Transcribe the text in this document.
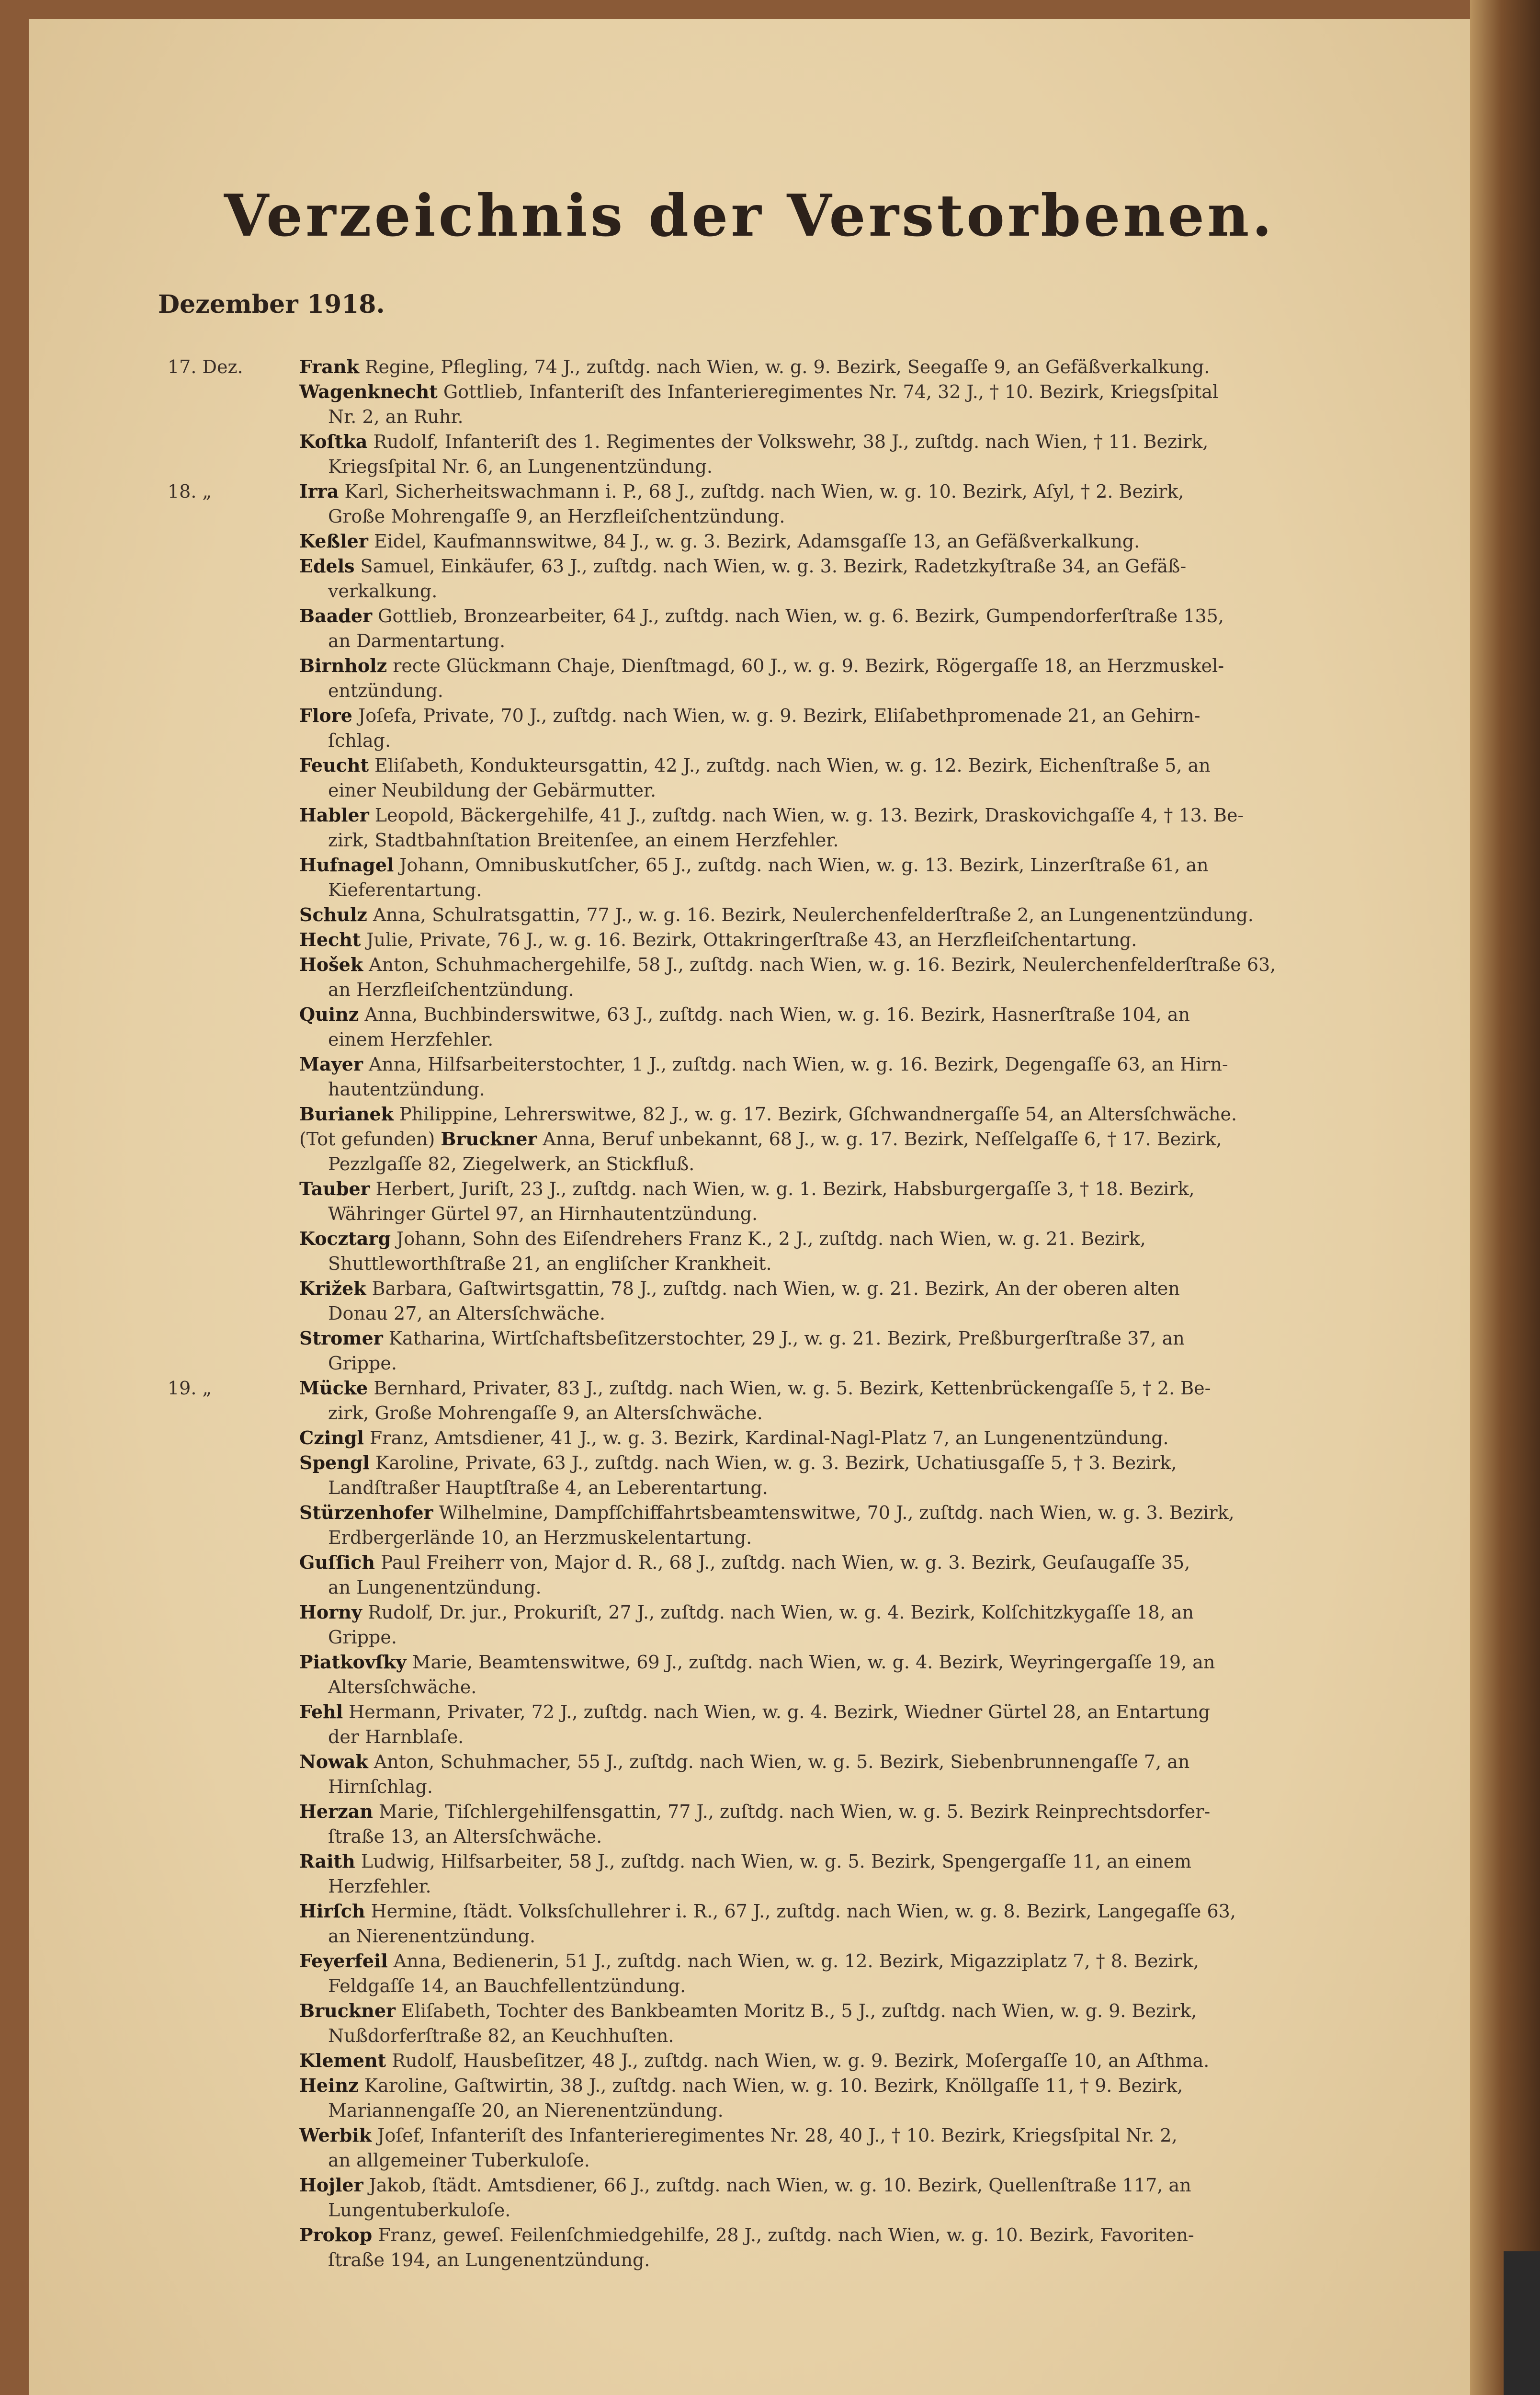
Verzeichnis der Verstorbenen.
Dezember 1918.
17. Dez.	Frank Regine, Pflegling, 74 J., zuſtdg. nach Wien, w. g. 9. Bezirk, Seegaſſe 9, an Gefäßverkalkung.
Wagenknecht Gottlieb, Infanteriſt des Infanterieregimentes Nr. 74, 32 J., † 10. Bezirk, Kriegsſpital
Nr. 2, an Ruhr.
Koſtka Rudolf, Infanteriſt des 1. Regimentes der Volkswehr, 38 J., zuſtdg. nach Wien, † 11. Bezirk,
Kriegsſpital Nr. 6, an Lungenentzündung.
18. „	Irra Karl, Sicherheitswachmann i. P., 68 J., zuſtdg. nach Wien, w. g. 10. Bezirk, Aſyl, † 2. Bezirk,
Große Mohrengaſſe 9, an Herzfleiſchentzündung.
Keßler Eidel, Kaufmannswitwe, 84 J., w. g. 3. Bezirk, Adamsgaſſe 13, an Gefäßverkalkung.
Edels Samuel, Einkäufer, 63 J., zuſtdg. nach Wien, w. g. 3. Bezirk, Radetzkyſtraße 34, an Gefäß-
verkalkung.
Baader Gottlieb, Bronzearbeiter, 64 J., zuſtdg. nach Wien, w. g. 6. Bezirk, Gumpendorferſtraße 135,
an Darmentartung.
Birnholz recte Glückmann Chaje, Dienſtmagd, 60 J., w. g. 9. Bezirk, Rögergaſſe 18, an Herzmuskel-
entzündung.
Flore Joſefa, Private, 70 J., zuſtdg. nach Wien, w. g. 9. Bezirk, Eliſabethpromenade 21, an Gehirn-
ſchlag.
Feucht Eliſabeth, Kondukteursgattin, 42 J., zuſtdg. nach Wien, w. g. 12. Bezirk, Eichenſtraße 5, an
einer Neubildung der Gebärmutter.
Habler Leopold, Bäckergehilfe, 41 J., zuſtdg. nach Wien, w. g. 13. Bezirk, Draskovichgaſſe 4, † 13. Be-
zirk, Stadtbahnſtation Breitenſee, an einem Herzfehler.
Hufnagel Johann, Omnibuskutſcher, 65 J., zuſtdg. nach Wien, w. g. 13. Bezirk, Linzerſtraße 61, an
Kieferentartung.
Schulz Anna, Schulratsgattin, 77 J., w. g. 16. Bezirk, Neulerchenfelderſtraße 2, an Lungenentzündung.
Hecht Julie, Private, 76 J., w. g. 16. Bezirk, Ottakringerſtraße 43, an Herzfleiſchentartung.
Hošek Anton, Schuhmachergehilfe, 58 J., zuſtdg. nach Wien, w. g. 16. Bezirk, Neulerchenfelderſtraße 63,
an Herzfleiſchentzündung.
Quinz Anna, Buchbinderswitwe, 63 J., zuſtdg. nach Wien, w. g. 16. Bezirk, Hasnerſtraße 104, an
einem Herzfehler.
Mayer Anna, Hilfsarbeiterstochter, 1 J., zuſtdg. nach Wien, w. g. 16. Bezirk, Degengaſſe 63, an Hirn-
hautentzündung.
Burianek Philippine, Lehrerswitwe, 82 J., w. g. 17. Bezirk, Gſchwandnergaſſe 54, an Altersſchwäche.
(Tot gefunden) Bruckner Anna, Beruf unbekannt, 68 J., w. g. 17. Bezirk, Neſſelgaſſe 6, † 17. Bezirk,
Pezzlgaſſe 82, Ziegelwerk, an Stickfluß.
Tauber Herbert, Juriſt, 23 J., zuſtdg. nach Wien, w. g. 1. Bezirk, Habsburgergaſſe 3, † 18. Bezirk,
Währinger Gürtel 97, an Hirnhautentzündung.
Kocztarg Johann, Sohn des Eiſendrehers Franz K., 2 J., zuſtdg. nach Wien, w. g. 21. Bezirk,
Shuttleworthſtraße 21, an engliſcher Krankheit.
Križek Barbara, Gaſtwirtsgattin, 78 J., zuſtdg. nach Wien, w. g. 21. Bezirk, An der oberen alten
Donau 27, an Altersſchwäche.
Stromer Katharina, Wirtſchaftsbeſitzerstochter, 29 J., w. g. 21. Bezirk, Preßburgerſtraße 37, an
Grippe.
19. „	Mücke Bernhard, Privater, 83 J., zuſtdg. nach Wien, w. g. 5. Bezirk, Kettenbrückengaſſe 5, † 2. Be-
zirk, Große Mohrengaſſe 9, an Altersſchwäche.
Czingl Franz, Amtsdiener, 41 J., w. g. 3. Bezirk, Kardinal-Nagl-Platz 7, an Lungenentzündung.
Spengl Karoline, Private, 63 J., zuſtdg. nach Wien, w. g. 3. Bezirk, Uchatiusgaſſe 5, † 3. Bezirk,
Landſtraßer Hauptſtraße 4, an Leberentartung.
Stürzenhofer Wilhelmine, Dampfſchiffahrtsbeamtenswitwe, 70 J., zuſtdg. nach Wien, w. g. 3. Bezirk,
Erdbergerlände 10, an Herzmuskelentartung.
Guſſich Paul Freiherr von, Major d. R., 68 J., zuſtdg. nach Wien, w. g. 3. Bezirk, Geuſaugaſſe 35,
an Lungenentzündung.
Horny Rudolf, Dr. jur., Prokuriſt, 27 J., zuſtdg. nach Wien, w. g. 4. Bezirk, Kolſchitzkygaſſe 18, an
Grippe.
Piatkovſky Marie, Beamtenswitwe, 69 J., zuſtdg. nach Wien, w. g. 4. Bezirk, Weyringergaſſe 19, an
Altersſchwäche.
Fehl Hermann, Privater, 72 J., zuſtdg. nach Wien, w. g. 4. Bezirk, Wiedner Gürtel 28, an Entartung
der Harnblaſe.
Nowak Anton, Schuhmacher, 55 J., zuſtdg. nach Wien, w. g. 5. Bezirk, Siebenbrunnengaſſe 7, an
Hirnſchlag.
Herzan Marie, Tiſchlergehilfensgattin, 77 J., zuſtdg. nach Wien, w. g. 5. Bezirk Reinprechtsdorfer-
ſtraße 13, an Altersſchwäche.
Raith Ludwig, Hilfsarbeiter, 58 J., zuſtdg. nach Wien, w. g. 5. Bezirk, Spengergaſſe 11, an einem
Herzfehler.
Hirſch Hermine, ſtädt. Volksſchullehrer i. R., 67 J., zuſtdg. nach Wien, w. g. 8. Bezirk, Langegaſſe 63,
an Nierenentzündung.
Feyerfeil Anna, Bedienerin, 51 J., zuſtdg. nach Wien, w. g. 12. Bezirk, Migazziplatz 7, † 8. Bezirk,
Feldgaſſe 14, an Bauchfellentzündung.
Bruckner Eliſabeth, Tochter des Bankbeamten Moritz B., 5 J., zuſtdg. nach Wien, w. g. 9. Bezirk,
Nußdorferſtraße 82, an Keuchhuſten.
Klement Rudolf, Hausbeſitzer, 48 J., zuſtdg. nach Wien, w. g. 9. Bezirk, Moſergaſſe 10, an Aſthma.
Heinz Karoline, Gaſtwirtin, 38 J., zuſtdg. nach Wien, w. g. 10. Bezirk, Knöllgaſſe 11, † 9. Bezirk,
Mariannengaſſe 20, an Nierenentzündung.
Werbik Joſef, Infanteriſt des Infanterieregimentes Nr. 28, 40 J., † 10. Bezirk, Kriegsſpital Nr. 2,
an allgemeiner Tuberkuloſe.
Hojler Jakob, ſtädt. Amtsdiener, 66 J., zuſtdg. nach Wien, w. g. 10. Bezirk, Quellenſtraße 117, an
Lungentuberkuloſe.
Prokop Franz, geweſ. Feilenſchmiedgehilfe, 28 J., zuſtdg. nach Wien, w. g. 10. Bezirk, Favoriten-
ſtraße 194, an Lungenentzündung.
